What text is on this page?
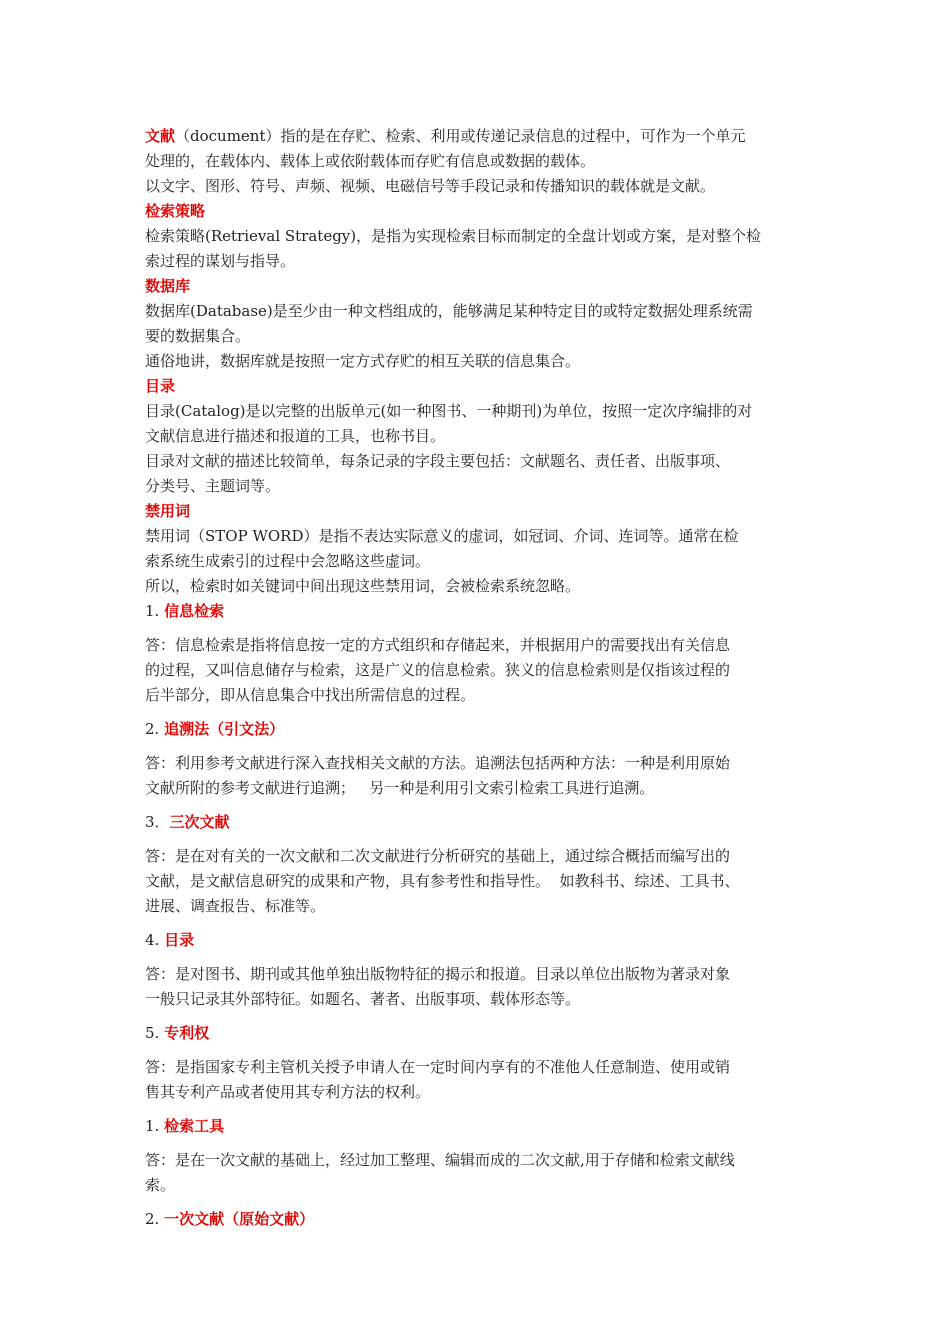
文献（document）指的是在存贮、检索、利用或传递记录信息的过程中，可作为一个单元
处理的，在载体内、载体上或依附载体而存贮有信息或数据的载体。
以文字、图形、符号、声频、视频、电磁信号等手段记录和传播知识的载体就是文献。
检索策略
检索策略(Retrieval Strategy)，是指为实现检索目标而制定的全盘计划或方案，是对整个检
索过程的谋划与指导。
数据库
数据库(Database)是至少由一种文档组成的，能够满足某种特定目的或特定数据处理系统需
要的数据集合。
通俗地讲，数据库就是按照一定方式存贮的相互关联的信息集合。
目录
目录(Catalog)是以完整的出版单元(如一种图书、一种期刊)为单位，按照一定次序编排的对
文献信息进行描述和报道的工具，也称书目。
目录对文献的描述比较简单，每条记录的字段主要包括：文献题名、责任者、出版事项、
分类号、主题词等。
禁用词
禁用词（STOP WORD）是指不表达实际意义的虚词，如冠词、介词、连词等。通常在检
索系统生成索引的过程中会忽略这些虚词。
所以，检索时如关键词中间出现这些禁用词，会被检索系统忽略。
1. 信息检索
答：信息检索是指将信息按一定的方式组织和存储起来，并根据用户的需要找出有关信息
的过程，又叫信息储存与检索，这是广义的信息检索。狭义的信息检索则是仅指该过程的
后半部分，即从信息集合中找出所需信息的过程。
2. 追溯法（引文法）
答：利用参考文献进行深入查找相关文献的方法。追溯法包括两种方法：一种是利用原始
文献所附的参考文献进行追溯；   另一种是利用引文索引检索工具进行追溯。
3．三次文献
答：是在对有关的一次文献和二次文献进行分析研究的基础上，通过综合概括而编写出的
文献，是文献信息研究的成果和产物，具有参考性和指导性。  如教科书、综述、工具书、
进展、调查报告、标准等。
4. 目录
答：是对图书、期刊或其他单独出版物特征的揭示和报道。目录以单位出版物为著录对象
一般只记录其外部特征。如题名、著者、出版事项、载体形态等。
5. 专利权
答：是指国家专利主管机关授予申请人在一定时间内享有的不准他人任意制造、使用或销
售其专利产品或者使用其专利方法的权利。
1. 检索工具
答：是在一次文献的基础上，经过加工整理、编辑而成的二次文献,用于存储和检索文献线
索。
2. 一次文献（原始文献）
